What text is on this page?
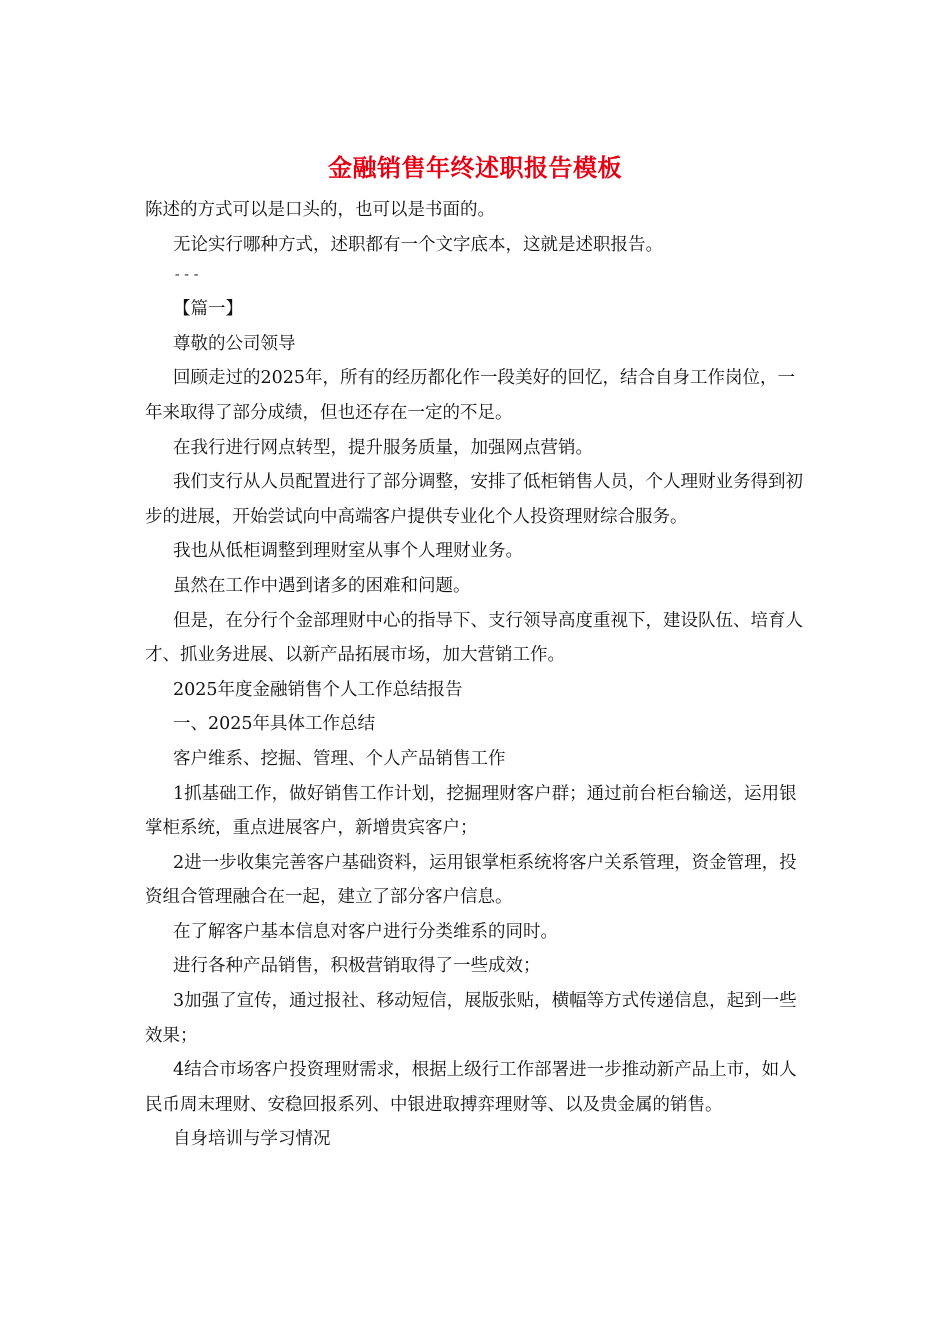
金融销售年终述职报告模板

陈述的方式可以是口头的，也可以是书面的。

无论实行哪种方式，述职都有一个文字底本，这就是述职报告。

---

【篇一】

尊敬的公司领导

回顾走过的2025年，所有的经历都化作一段美好的回忆，结合自身工作岗位，一年来取得了部分成绩，但也还存在一定的不足。

在我行进行网点转型，提升服务质量，加强网点营销。

我们支行从人员配置进行了部分调整，安排了低柜销售人员，个人理财业务得到初步的进展，开始尝试向中高端客户提供专业化个人投资理财综合服务。

我也从低柜调整到理财室从事个人理财业务。

虽然在工作中遇到诸多的困难和问题。

但是，在分行个金部理财中心的指导下、支行领导高度重视下，建设队伍、培育人才、抓业务进展、以新产品拓展市场，加大营销工作。

2025年度金融销售个人工作总结报告

一、2025年具体工作总结

客户维系、挖掘、管理、个人产品销售工作

1抓基础工作，做好销售工作计划，挖掘理财客户群；通过前台柜台输送，运用银掌柜系统，重点进展客户，新增贵宾客户；

2进一步收集完善客户基础资料，运用银掌柜系统将客户关系管理，资金管理，投资组合管理融合在一起，建立了部分客户信息。

在了解客户基本信息对客户进行分类维系的同时。

进行各种产品销售，积极营销取得了一些成效；

3加强了宣传，通过报社、移动短信，展版张贴，横幅等方式传递信息，起到一些效果；

4结合市场客户投资理财需求，根据上级行工作部署进一步推动新产品上市，如人民币周末理财、安稳回报系列、中银进取搏弈理财等、以及贵金属的销售。

自身培训与学习情况
